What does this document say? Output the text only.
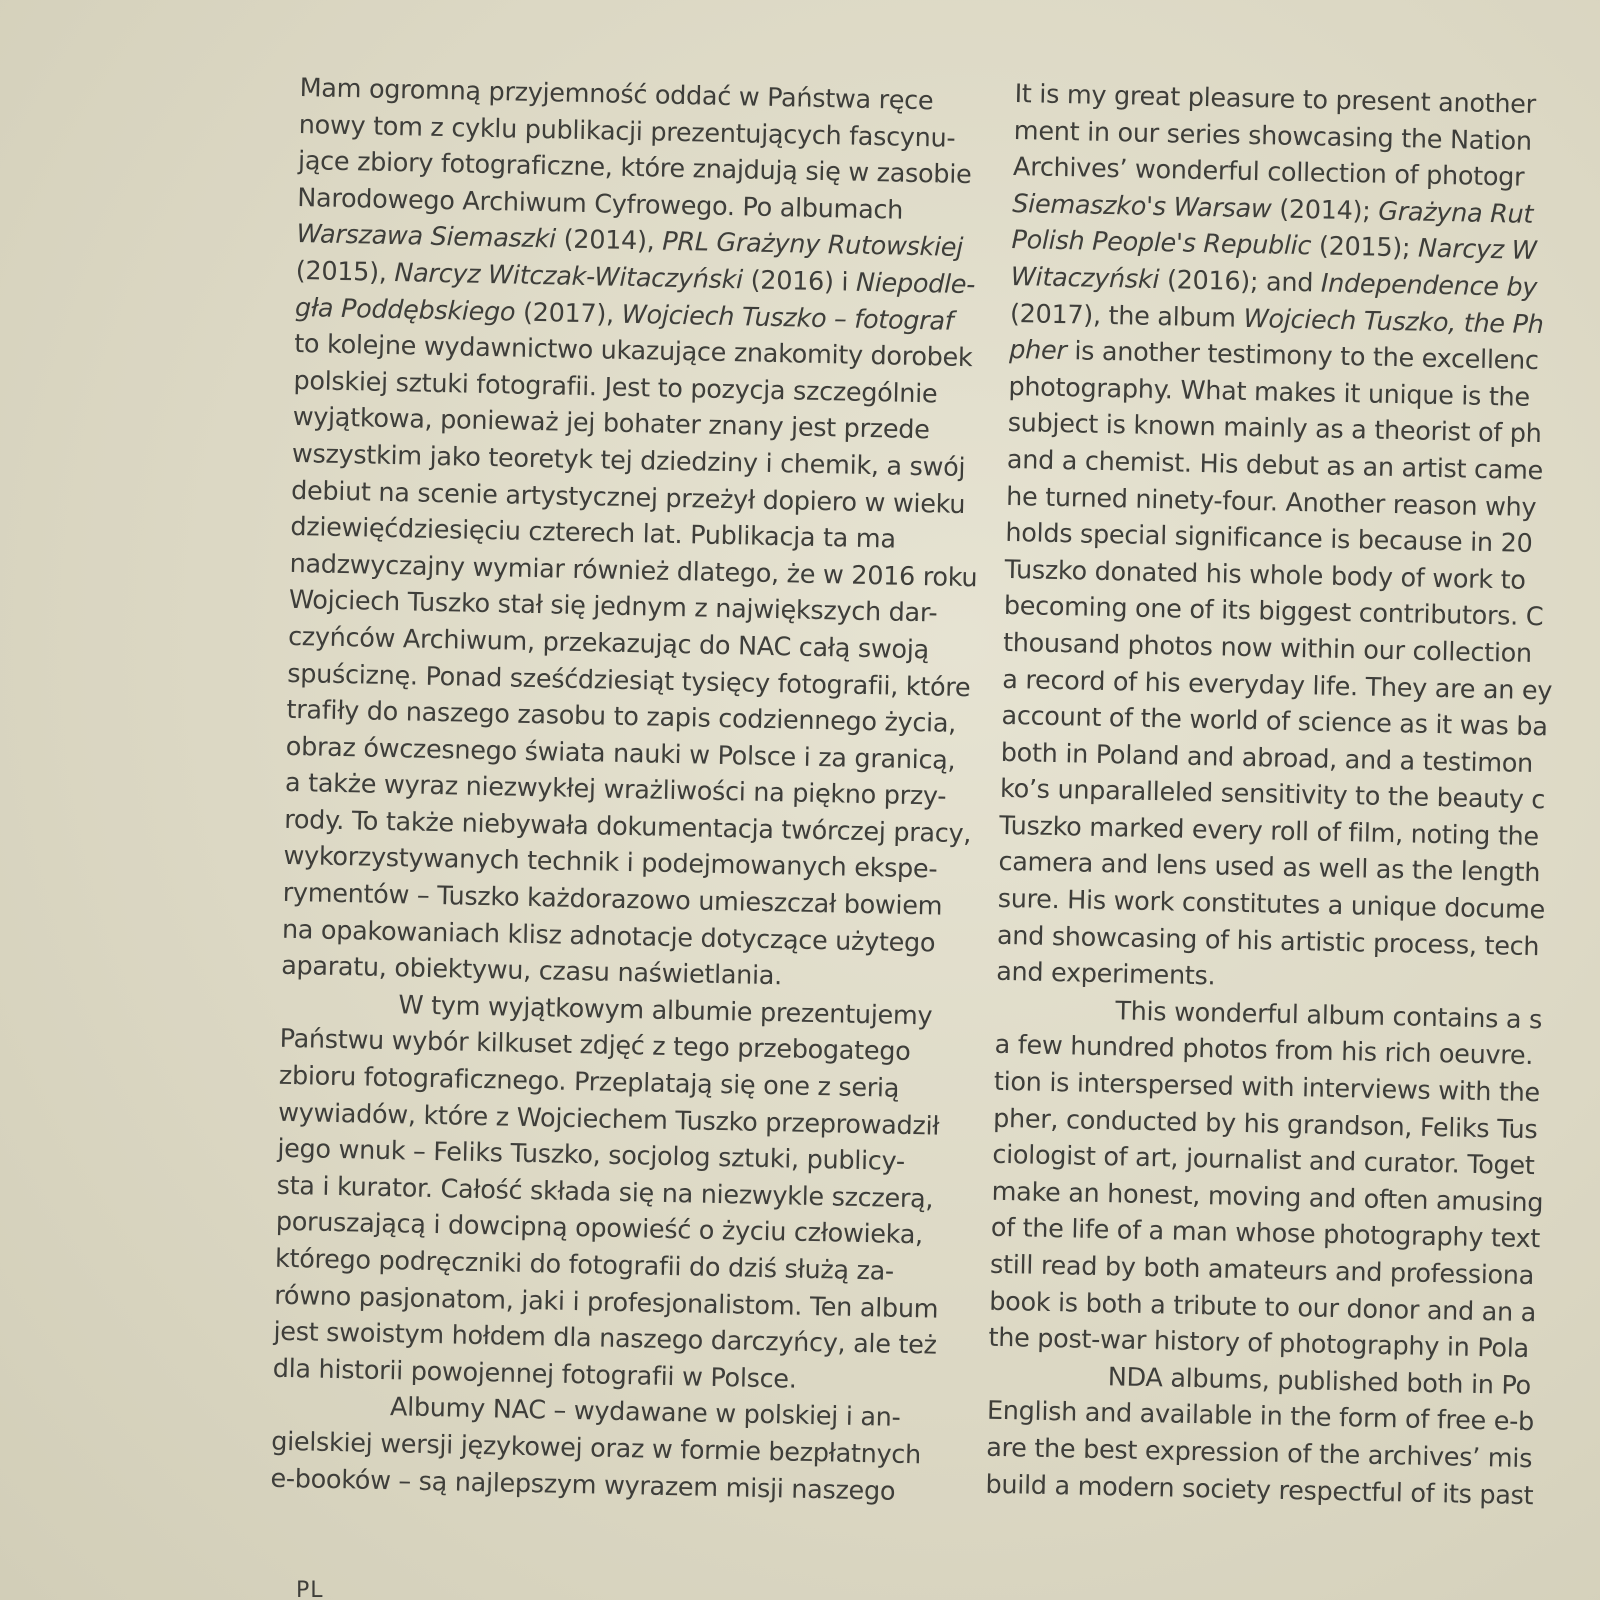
Mam ogromną przyjemność oddać w Państwa ręce
nowy tom z cyklu publikacji prezentujących fascynu-
jące zbiory fotograficzne, które znajdują się w zasobie
Narodowego Archiwum Cyfrowego. Po albumach
Warszawa Siemaszki (2014), PRL Grażyny Rutowskiej
(2015), Narcyz Witczak-Witaczyński (2016) i Niepodle-
gła Poddębskiego (2017), Wojciech Tuszko – fotograf
to kolejne wydawnictwo ukazujące znakomity dorobek
polskiej sztuki fotografii. Jest to pozycja szczególnie
wyjątkowa, ponieważ jej bohater znany jest przede
wszystkim jako teoretyk tej dziedziny i chemik, a swój
debiut na scenie artystycznej przeżył dopiero w wieku
dziewięćdziesięciu czterech lat. Publikacja ta ma
nadzwyczajny wymiar również dlatego, że w 2016 roku
Wojciech Tuszko stał się jednym z największych dar-
czyńców Archiwum, przekazując do NAC całą swoją
spuściznę. Ponad sześćdziesiąt tysięcy fotografii, które
trafiły do naszego zasobu to zapis codziennego życia,
obraz ówczesnego świata nauki w Polsce i za granicą,
a także wyraz niezwykłej wrażliwości na piękno przy-
rody. To także niebywała dokumentacja twórczej pracy,
wykorzystywanych technik i podejmowanych ekspe-
rymentów – Tuszko każdorazowo umieszczał bowiem
na opakowaniach klisz adnotacje dotyczące użytego
aparatu, obiektywu, czasu naświetlania.
W tym wyjątkowym albumie prezentujemy
Państwu wybór kilkuset zdjęć z tego przebogatego
zbioru fotograficznego. Przeplatają się one z serią
wywiadów, które z Wojciechem Tuszko przeprowadził
jego wnuk – Feliks Tuszko, socjolog sztuki, publicy-
sta i kurator. Całość składa się na niezwykle szczerą,
poruszającą i dowcipną opowieść o życiu człowieka,
którego podręczniki do fotografii do dziś służą za-
równo pasjonatom, jaki i profesjonalistom. Ten album
jest swoistym hołdem dla naszego darczyńcy, ale też
dla historii powojennej fotografii w Polsce.
Albumy NAC – wydawane w polskiej i an-
gielskiej wersji językowej oraz w formie bezpłatnych
e-booków – są najlepszym wyrazem misji naszego
It is my great pleasure to present another
ment in our series showcasing the Nation
Archives’ wonderful collection of photogr
Siemaszko's Warsaw (2014); Grażyna Rut
Polish People's Republic (2015); Narcyz W
Witaczyński (2016); and Independence by
(2017), the album Wojciech Tuszko, the Ph
pher is another testimony to the excellenc
photography. What makes it unique is the
subject is known mainly as a theorist of ph
and a chemist. His debut as an artist came
he turned ninety-four. Another reason why
holds special significance is because in 20
Tuszko donated his whole body of work to
becoming one of its biggest contributors. C
thousand photos now within our collection
a record of his everyday life. They are an ey
account of the world of science as it was ba
both in Poland and abroad, and a testimon
ko’s unparalleled sensitivity to the beauty c
Tuszko marked every roll of film, noting the
camera and lens used as well as the length
sure. His work constitutes a unique docume
and showcasing of his artistic process, tech
and experiments.
This wonderful album contains a s
a few hundred photos from his rich oeuvre.
tion is interspersed with interviews with the
pher, conducted by his grandson, Feliks Tus
ciologist of art, journalist and curator. Toget
make an honest, moving and often amusing
of the life of a man whose photography text
still read by both amateurs and professiona
book is both a tribute to our donor and an a
the post-war history of photography in Pola
NDA albums, published both in Po
English and available in the form of free e-b
are the best expression of the archives’ mis
build a modern society respectful of its past
PL
